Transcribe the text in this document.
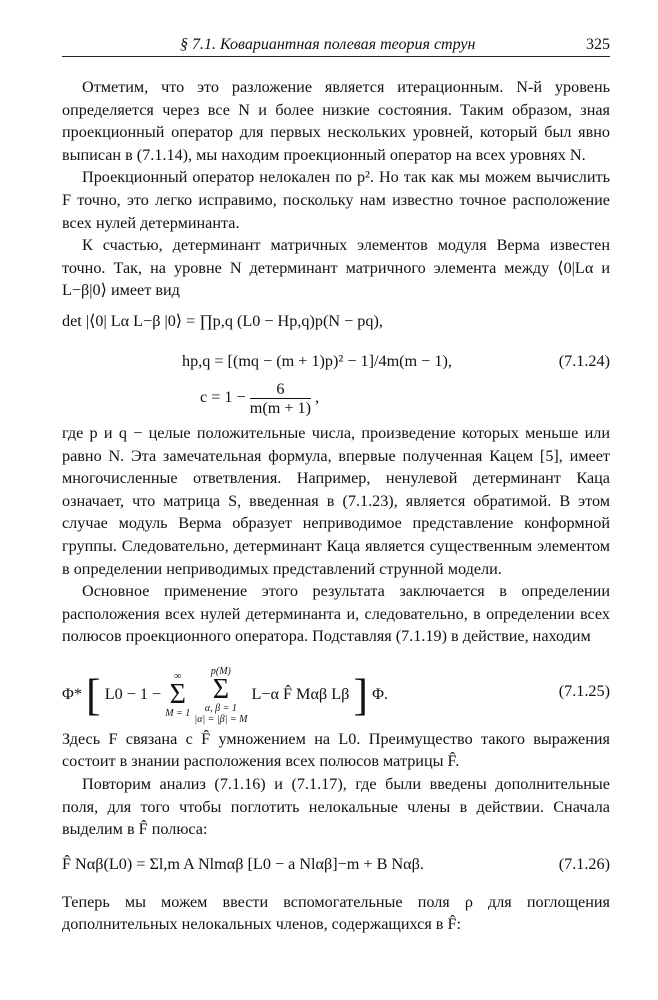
§ 7.1. Ковариантная полевая теория струн	325

Отметим, что это разложение является итерационным. N-й уровень определяется через все N и более низкие состояния. Таким образом, зная проекционный оператор для первых нескольких уровней, который был явно выписан в (7.1.14), мы находим проекционный оператор на всех уровнях N.

Проекционный оператор нелокален по p². Но так как мы можем вычислить F точно, это легко исправимо, поскольку нам известно точное расположение всех нулей детерминанта.

К счастью, детерминант матричных элементов модуля Верма известен точно. Так, на уровне N детерминант матричного элемента между ⟨0|Lα и L−β|0⟩ имеет вид

det |⟨0| Lα L−β |0⟩ = ∏p,q (L0 − Hp,q)p(N − pq),
hp,q = [(mq − (m + 1)p)² − 1]/4m(m − 1),	(7.1.24)
$c = 1 - \frac{6}{m(m + 1)}$ ,

где p и q − целые положительные числа, произведение которых меньше или равно N. Эта замечательная формула, впервые полученная Кацем [5], имеет многочисленные ответвления. Например, ненулевой детерминант Каца означает, что матрица S, введенная в (7.1.23), является обратимой. В этом случае модуль Верма образует неприводимое представление конформной группы. Следовательно, детерминант Каца является существенным элементом в определении неприводимых представлений струнной модели.

Основное применение этого результата заключается в определении расположения всех нулей детерминанта и, следовательно, в определении всех полюсов проекционного оператора. Подставляя (7.1.19) в действие, находим

Φ* [ L0 − 1 −
∞
Σ
M = 1

p(M)
Σ
α, β = 1
|α| = |β| = M
L−α F̂ Mαβ Lβ ] Φ.	(7.1.25)

Здесь F связана с F̂ умножением на L0. Преимущество такого выражения состоит в знании расположения всех полюсов матрицы F̂.

Повторим анализ (7.1.16) и (7.1.17), где были введены дополнительные поля, для того чтобы поглотить нелокальные члены в действии. Сначала выделим в F̂ полюса:

F̂ Nαβ(L0) = Σl,m A Nlmαβ [L0 − a Nlαβ]−m + B Nαβ.	(7.1.26)

Теперь мы можем ввести вспомогательные поля ρ для поглощения дополнительных нелокальных членов, содержащихся в F̂:
